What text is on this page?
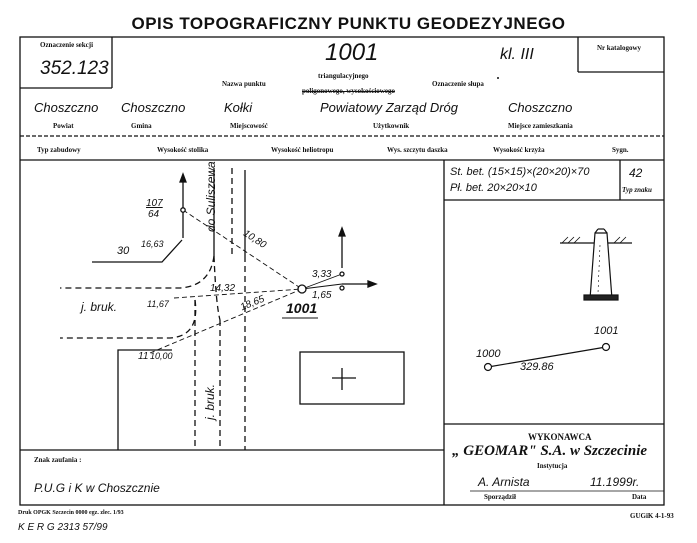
OPIS TOPOGRAFICZNY PUNKTU GEODEZYJNEGO
Oznaczenie sekcji
352.123
1001	kl. III
Nazwa punktu
triangulacyjnego
poligonowego, wysokościowego
Oznaczenie słupa
Nr katalogowy
Choszczno Choszczno	Kołki	Powiatowy Zarząd Dróg	Choszczno
Powiat	Gmina	Miejscowość	Użytkownik	Miejsce zamieszkania
Typ zabudowy	Wysokość stolika	Wysokość heliotropu	Wys. szczytu daszka	Wysokość krzyża	Sygn.
St. bet. (15×15)×(20×20)×70
Pł. bet. 20×20×10
42
Typ znaku
1000
1001
329.86
WYKONAWCA
„ GEOMAR" S.A. w Szczecinie
Instytucja
A. Arnista	11.1999r.
Sporządził	Data
Znak zaufania :
P.U.G i K w Choszcznie
Druk OPGK Szczecin 0000 egz. zlec. 1/93
K E R G 2313 57/99
GUGiK 4-1-93
1001
do Suliszewa
j. bruk.
j. bruk.
10,80
14,32
18,65
3,33
1,65
107
64
30
16,63
11,67
11 10,00
